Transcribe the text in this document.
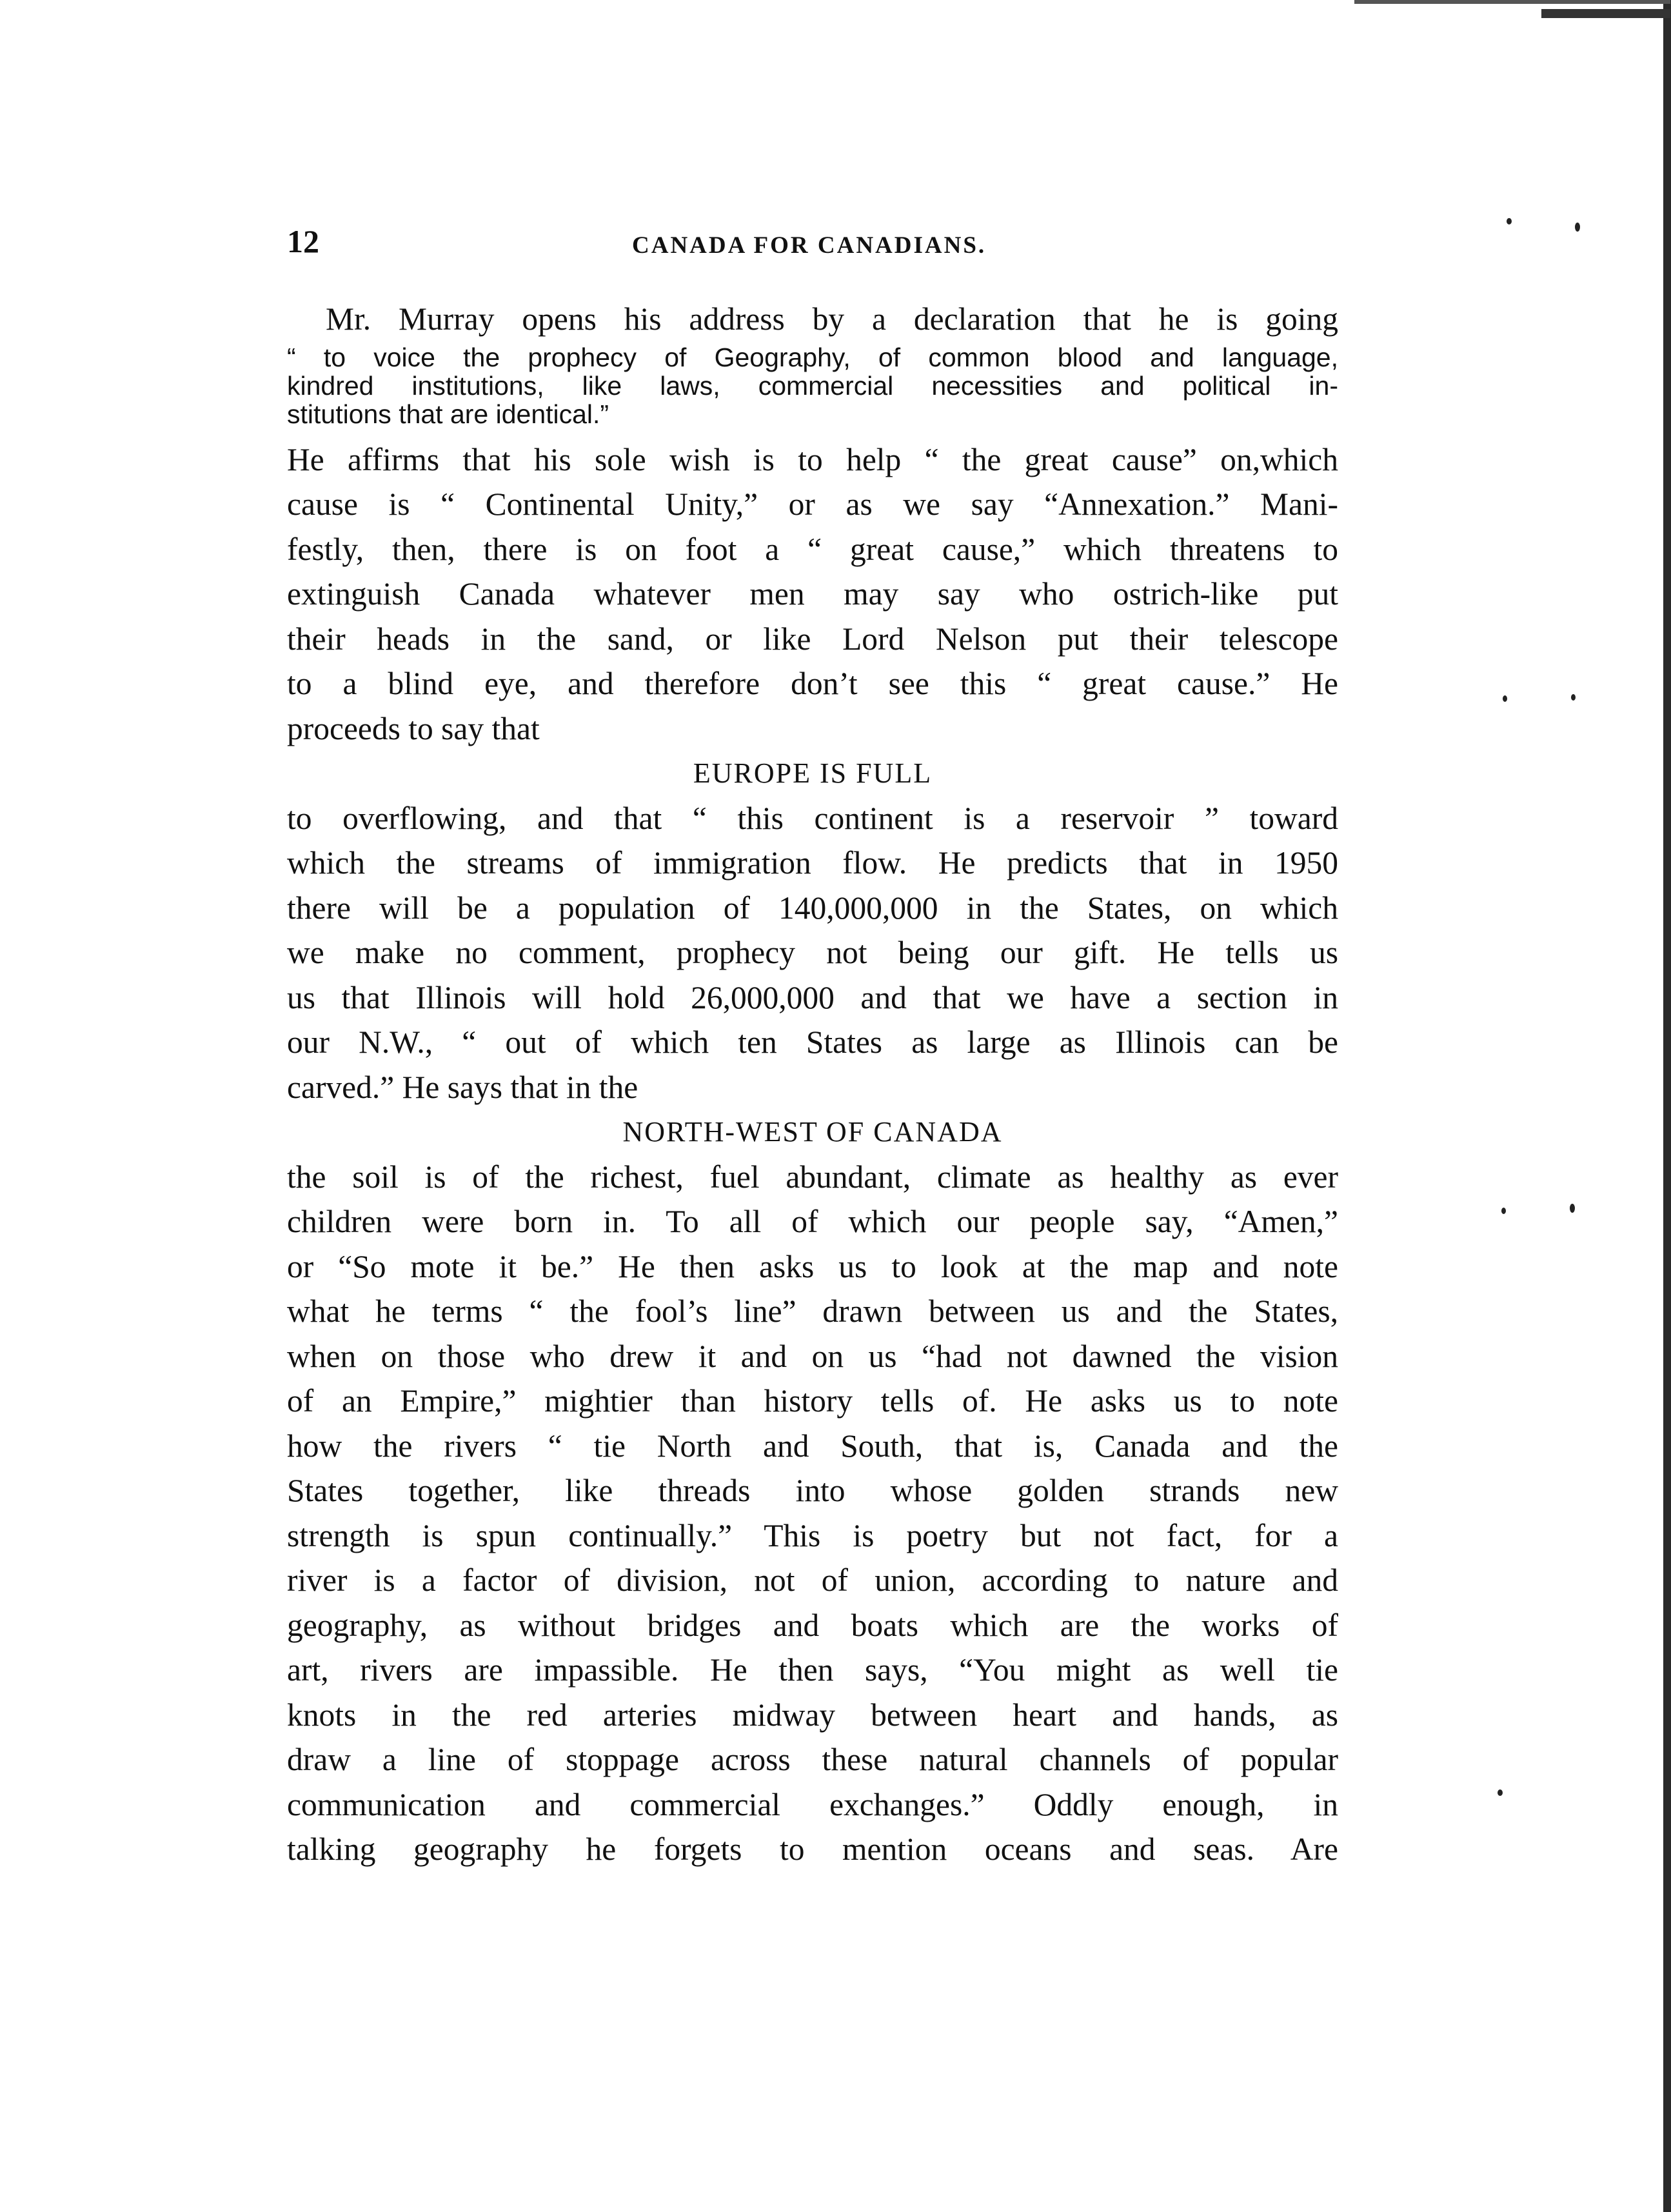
12	CANADA FOR CANADIANS.
Mr. Murray opens his address by a declaration that he is going
“ to voice the prophecy of Geography, of common blood and language,
kindred institutions, like laws, commercial necessities and political in-
stitutions that are identical.”
He affirms that his sole wish is to help “ the great cause” on,which
cause is “ Continental Unity,” or as we say “Annexation.” Mani-
festly, then, there is on foot a “ great cause,” which threatens to
extinguish Canada whatever men may say who ostrich-like put
their heads in the sand, or like Lord Nelson put their telescope
to a blind eye, and therefore don’t see this “ great cause.” He
proceeds to say that
EUROPE IS FULL
to overflowing, and that “ this continent is a reservoir ” toward
which the streams of immigration flow. He predicts that in 1950
there will be a population of 140,000,000 in the States, on which
we make no comment, prophecy not being our gift. He tells us
us that Illinois will hold 26,000,000 and that we have a section in
our N.W., “ out of which ten States as large as Illinois can be
carved.” He says that in the
NORTH-WEST OF CANADA
the soil is of the richest, fuel abundant, climate as healthy as ever
children were born in. To all of which our people say, “Amen,”
or “So mote it be.” He then asks us to look at the map and note
what he terms “ the fool’s line” drawn between us and the States,
when on those who drew it and on us “had not dawned the vision
of an Empire,” mightier than history tells of. He asks us to note
how the rivers “ tie North and South, that is, Canada and the
States together, like threads into whose golden strands new
strength is spun continually.” This is poetry but not fact, for a
river is a factor of division, not of union, according to nature and
geography, as without bridges and boats which are the works of
art, rivers are impassible. He then says, “You might as well tie
knots in the red arteries midway between heart and hands, as
draw a line of stoppage across these natural channels of popular
communication and commercial exchanges.” Oddly enough, in
talking geography he forgets to mention oceans and seas. Are
